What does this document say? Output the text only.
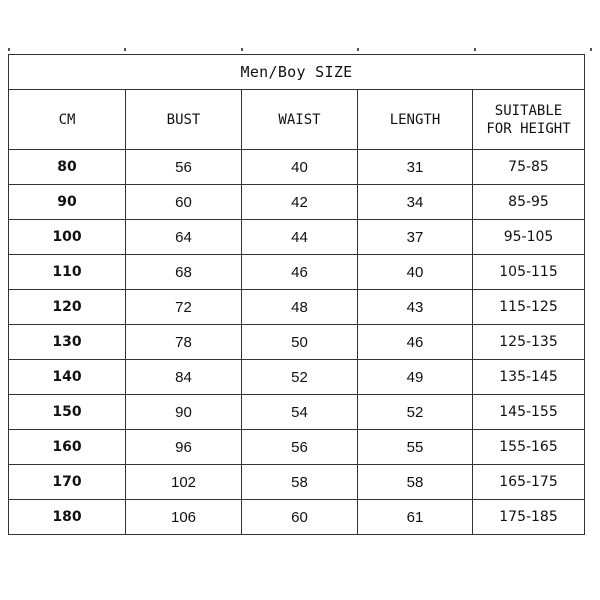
Men/Boy SIZE				
CM	BUST	WAIST	LENGTH	SUITABLE
FOR HEIGHT
80	56	40	31	75-85
90	60	42	34	85-95
100	64	44	37	95-105
110	68	46	40	105-115
120	72	48	43	115-125
130	78	50	46	125-135
140	84	52	49	135-145
150	90	54	52	145-155
160	96	56	55	155-165
170	102	58	58	165-175
180	106	60	61	175-185
